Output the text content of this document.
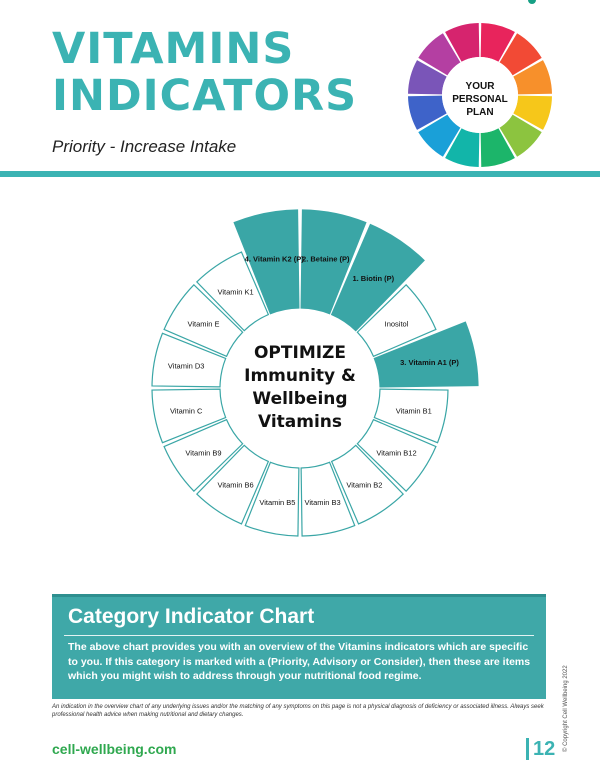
VITAMINS
INDICATORS
Priority - Increase Intake
YOUR
PERSONAL
PLAN
2. Betaine (P)
1. Biotin (P)
Inositol
3. Vitamin A1 (P)
Vitamin B1
Vitamin B12
Vitamin B2
Vitamin B3
Vitamin B5
Vitamin B6
Vitamin B9
Vitamin C
Vitamin D3
Vitamin E
Vitamin K1
4. Vitamin K2 (P)
OPTIMIZE
Immunity &
Wellbeing
Vitamins
Category Indicator Chart
The above chart provides you with an overview of the Vitamins indicators which are specific to you. If this category is marked with a (Priority, Advisory or Consider), then these are items which you might wish to address through your nutritional food regime.
An indication in the overview chart of any underlying issues and/or the matching of any symptoms on this page is not a physical diagnosis of deficiency or associated illness. Always seek professional health advice when making nutritional and dietary changes.
cell-wellbeing.com	12 © Copyright Cell Wellbeing 2022
